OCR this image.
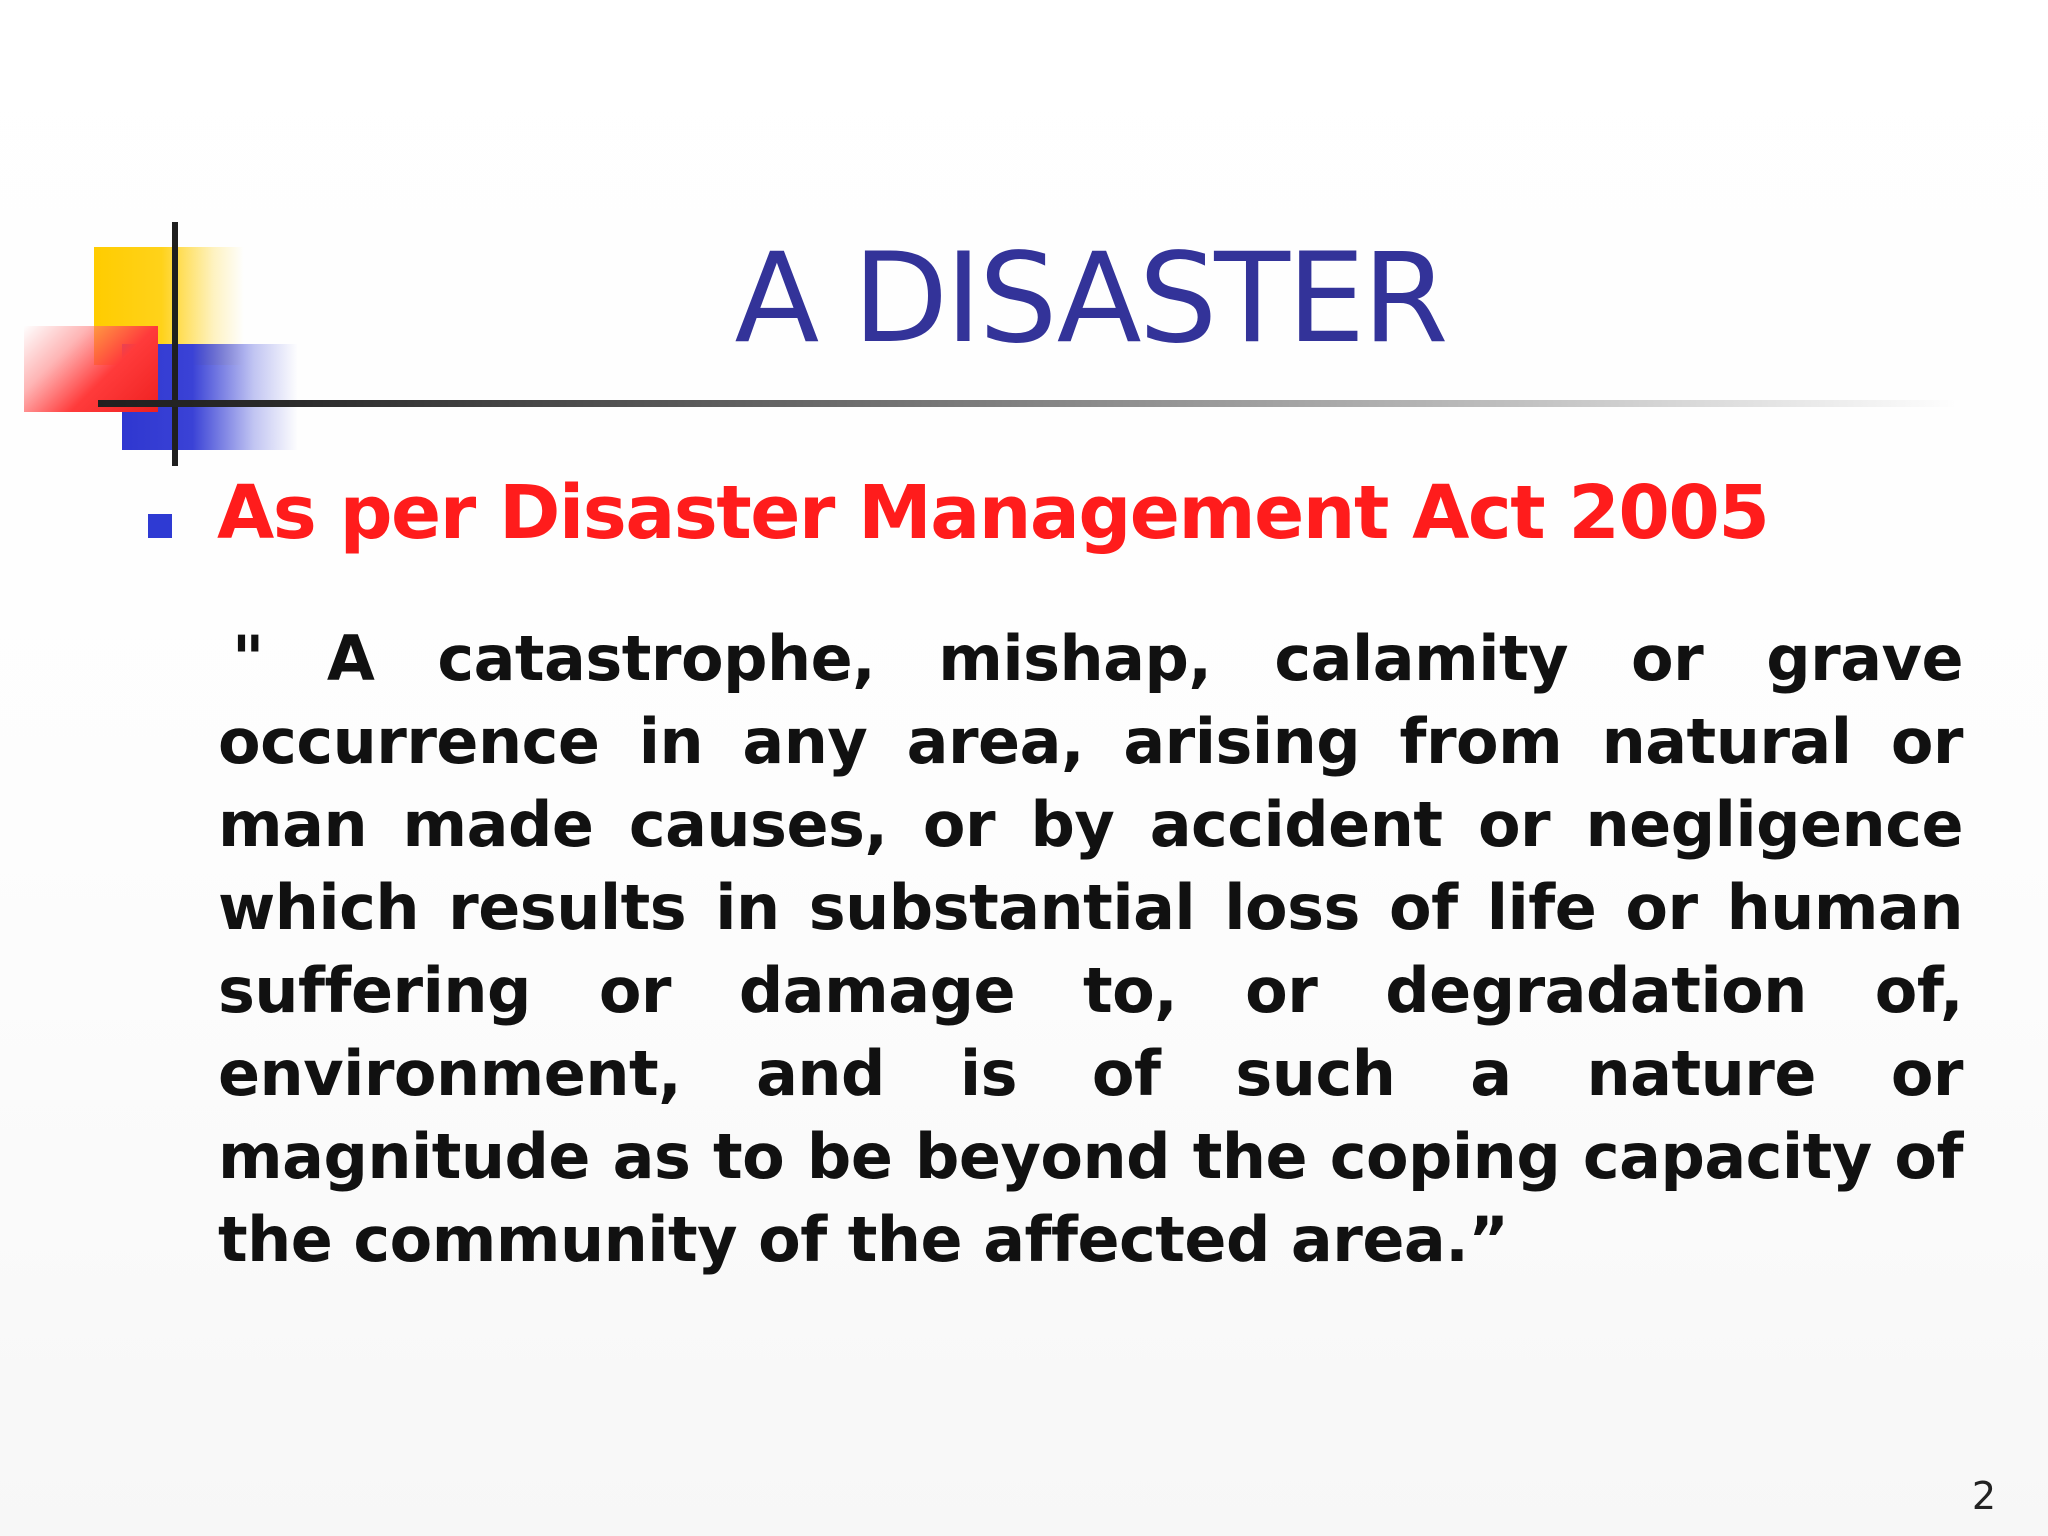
A DISASTER
As per Disaster Management Act 2005

" A catastrophe, mishap, calamity or grave occurrence in any area, arising from natural or man made causes, or by accident or negligence which results in substantial loss of life or human suffering or damage to, or degradation of, environment, and is of such a nature or magnitude as to be beyond the coping capacity of the community of the affected area.”

2
